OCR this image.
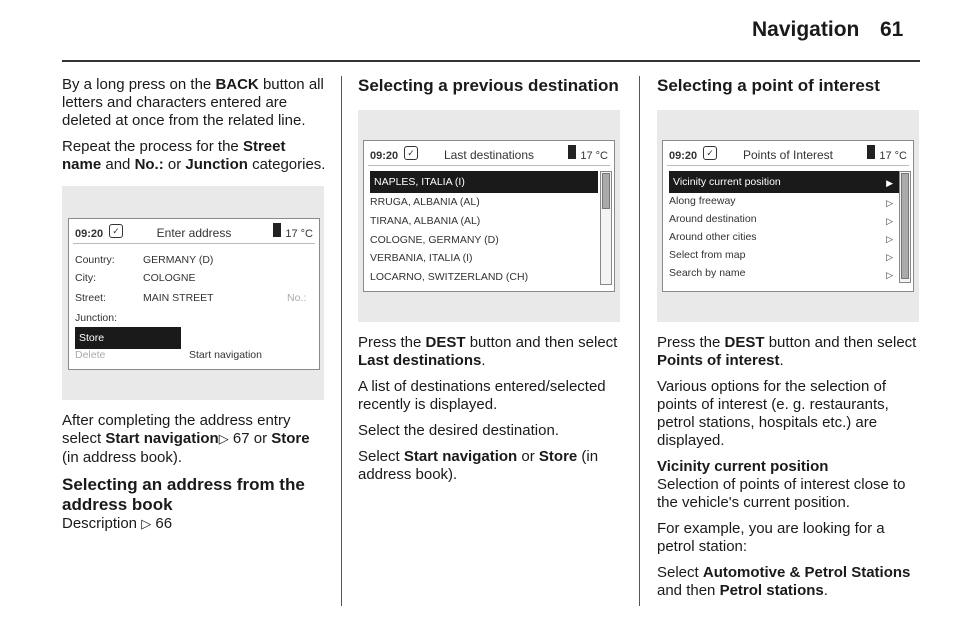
Navigation 61

By a long press on the BACK button all letters and characters entered are deleted at once from the related line.

Repeat the process for the Street name and No.: or Junction categories.

09:20	✓	Enter address	17 °C
Country:	GERMANY (D)
City:	COLOGNE
Street:	MAIN STREET	No.:
Junction:
Store
Delete	Start navigation

After completing the address entry select Start navigation▷ 67 or Store (in address book).

Selecting an address from the address book

Description ▷ 66

Selecting a previous destination
09:20	✓	Last destinations	17 °C
NAPLES, ITALIA (I)
RRUGA, ALBANIA (AL)
TIRANA, ALBANIA (AL)
COLOGNE, GERMANY (D)
VERBANIA, ITALIA (I)
LOCARNO, SWITZERLAND (CH)

Press the DEST button and then select Last destinations.

A list of destinations entered/selected recently is displayed.

Select the desired destination.

Select Start navigation or Store (in address book).

Selecting a point of interest
09:20	✓	Points of Interest	17 °C
Vicinity current position
Along freeway
Around destination
Around other cities
Select from map
Search by name
▶
▷
▷
▷
▷
▷

Press the DEST button and then select Points of interest.

Various options for the selection of points of interest (e. g. restaurants, petrol stations, hospitals etc.) are displayed.

Vicinity current position

Selection of points of interest close to the vehicle's current position.

For example, you are looking for a petrol station:

Select Automotive & Petrol Stations and then Petrol stations.
